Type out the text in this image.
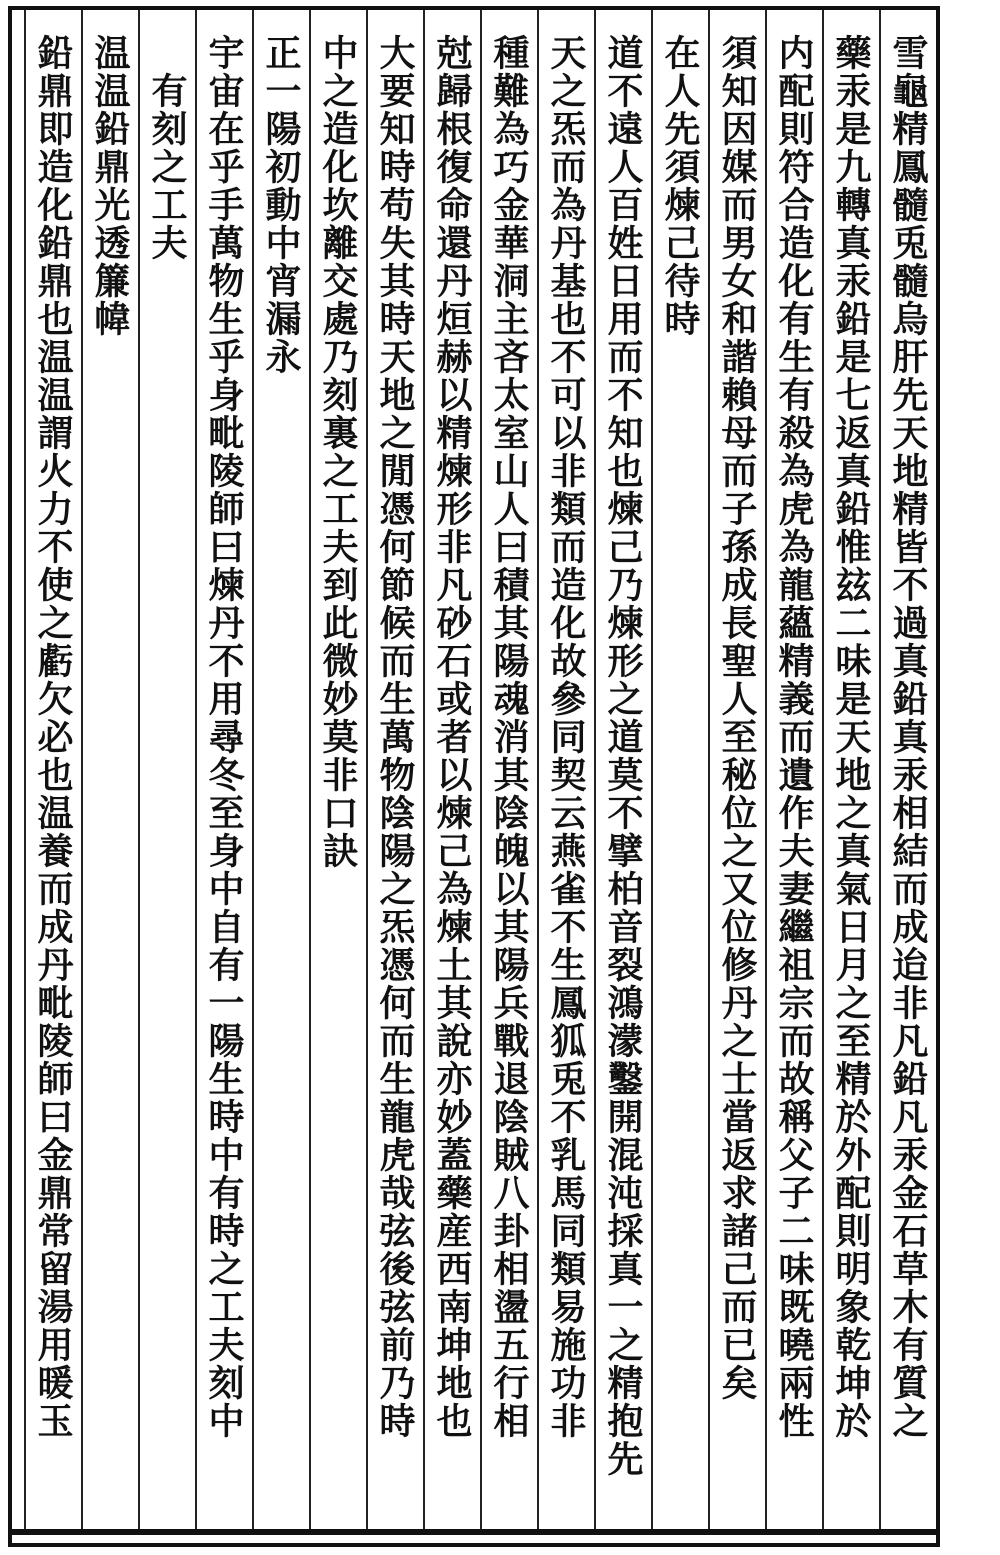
雪龜精鳳髓兎髓烏肝先天地精皆不過真鉛真汞相結而成迨非凡鉛凡汞金石草木有質之
藥汞是九轉真汞鉛是七返真鉛惟玆二味是天地之真氣日月之至精於外配則明象乾坤於
内配則符合造化有生有殺為虎為龍蘊精義而遺作夫妻繼祖宗而故稱父子二味既曉兩性
須知因媒而男女和諧賴母而子孫成長聖人至秘位之又位修丹之士當返求諸己而已矣
在人先須煉己待時
道不遠人百姓日用而不知也煉己乃煉形之道莫不擘柏音裂鴻濛鑿開混沌採真一之精抱先
天之炁而為丹基也不可以非類而造化故參同契云燕雀不生鳳狐兎不乳馬同類易施功非
種難為巧金華洞主吝太室山人曰積其陽魂消其陰魄以其陽兵戰退陰賊八卦相盪五行相
尅歸根復命還丹烜赫以精煉形非凡砂石或者以煉己為煉土其說亦妙蓋藥産西南坤地也
大要知時苟失其時天地之閒憑何節候而生萬物陰陽之炁憑何而生龍虎哉弦後弦前乃時
中之造化坎離交處乃刻裏之工夫到此微妙莫非口訣
正一陽初動中宵漏永
宇宙在乎手萬物生乎身毗陵師曰煉丹不用尋冬至身中自有一陽生時中有時之工夫刻中
有刻之工夫
温温鉛鼎光透簾幃
鉛鼎即造化鉛鼎也温温謂火力不使之虧欠必也温養而成丹毗陵師曰金鼎常留湯用暖玉
